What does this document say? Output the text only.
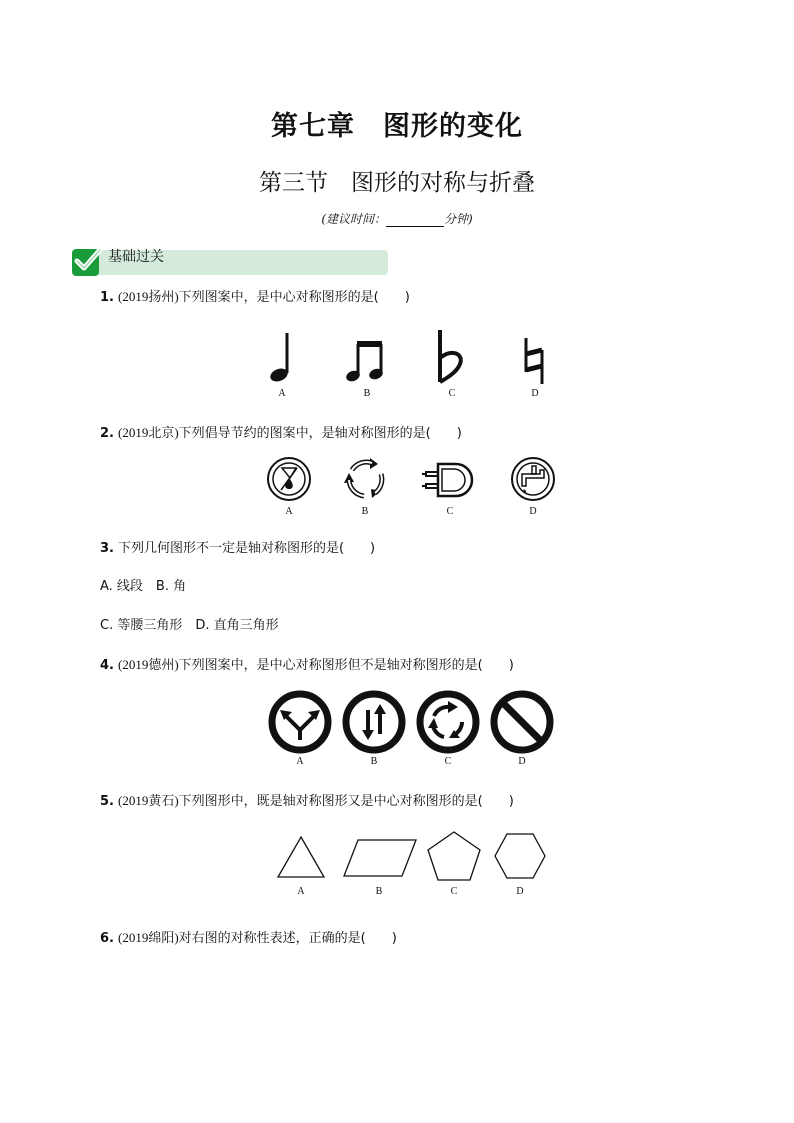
第七章　图形的变化
第三节　图形的对称与折叠
(建议时间：	分钟)
基础过关
1. (2019扬州)下列图案中，是中心对称图形的是(　　)
A	B	C	D
2. (2019北京)下列倡导节约的图案中，是轴对称图形的是(　　)
A	B	C	D
3. 下列几何图形不一定是轴对称图形的是(　　)
A. 线段　B. 角
C. 等腰三角形　D. 直角三角形
4. (2019德州)下列图案中，是中心对称图形但不是轴对称图形的是(　　)
A	B	C	D
5. (2019黄石)下列图形中，既是轴对称图形又是中心对称图形的是(　　)
A	B	C	D
6. (2019绵阳)对右图的对称性表述，正确的是(　　)
